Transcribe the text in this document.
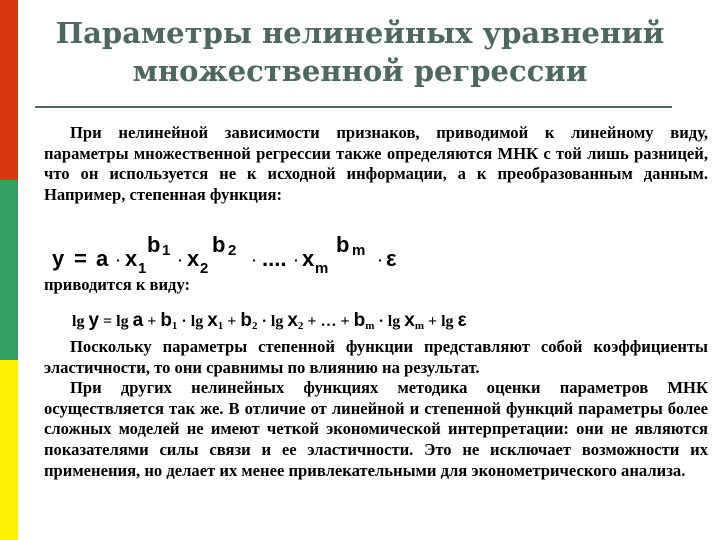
Параметры нелинейных уравнений
множественной регрессии
При нелинейной зависимости признаков, приводимой к линейному виду, параметры множественной регрессии также определяются МНК с той лишь разницей, что он используется не к исходной информации, а к преобразованным данным. Например, степенная функция:
y = a · x 1
b 1
· x 2
b 2
· .... · x m
b m
· ε
приводится к виду:
$\lg y = \lg a + b_1 \cdot \lg x_1 + b_2 \cdot \lg x_2$ + … + $b_m \cdot \lg x_m + \lg \varepsilon$

Поскольку параметры степенной функции представляют собой коэффициенты эластичности, то они сравнимы по влиянию на результат.

При других нелинейных функциях методика оценки параметров МНК осуществляется так же. В отличие от линейной и степенной функций параметры более сложных моделей не имеют четкой экономической интерпретации: они не являются показателями силы связи и ее эластичности. Это не исключает возможности их применения, но делает их менее привлекательными для эконометрического анализа.
